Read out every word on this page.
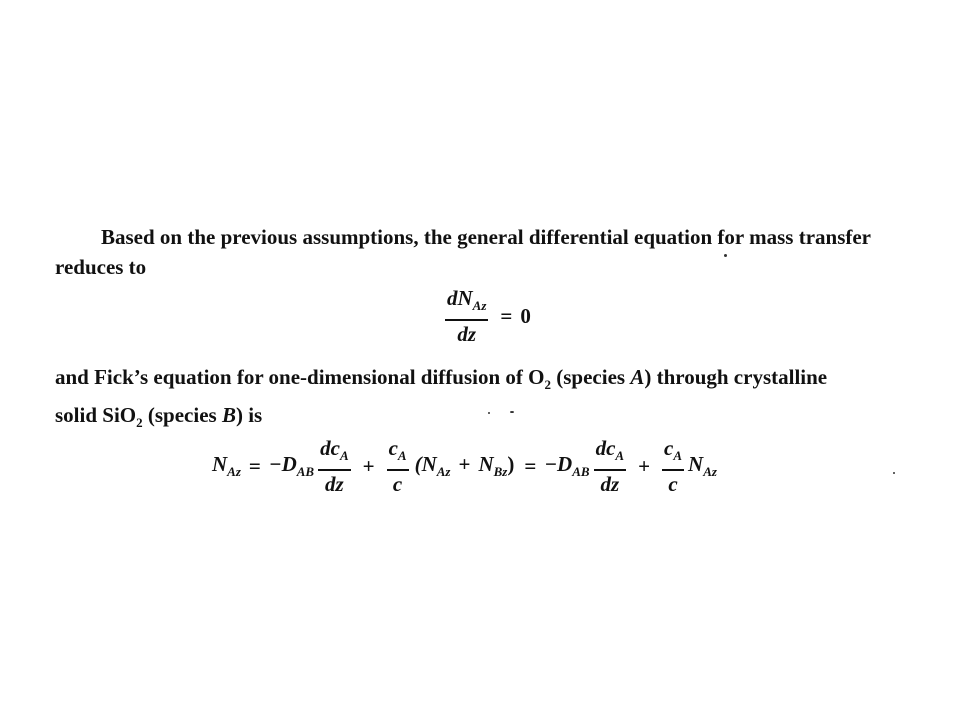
Based on the previous assumptions, the general differential equation for mass transfer
reduces to
$\frac{dN_{Az}}{dz} = 0$
and Fick’s equation for one-dimensional diffusion of $O_2$ (species A) through crystalline
solid SiO$_2$ (species B) is
$N_{Az} = -D_{AB} \frac{dc_A}{dz} + \frac{c_A}{c} (N_{Az} + N_{Bz}) = -D_{AB} \frac{dc_A}{dz} + \frac{c_A}{c} N_{Az}$
